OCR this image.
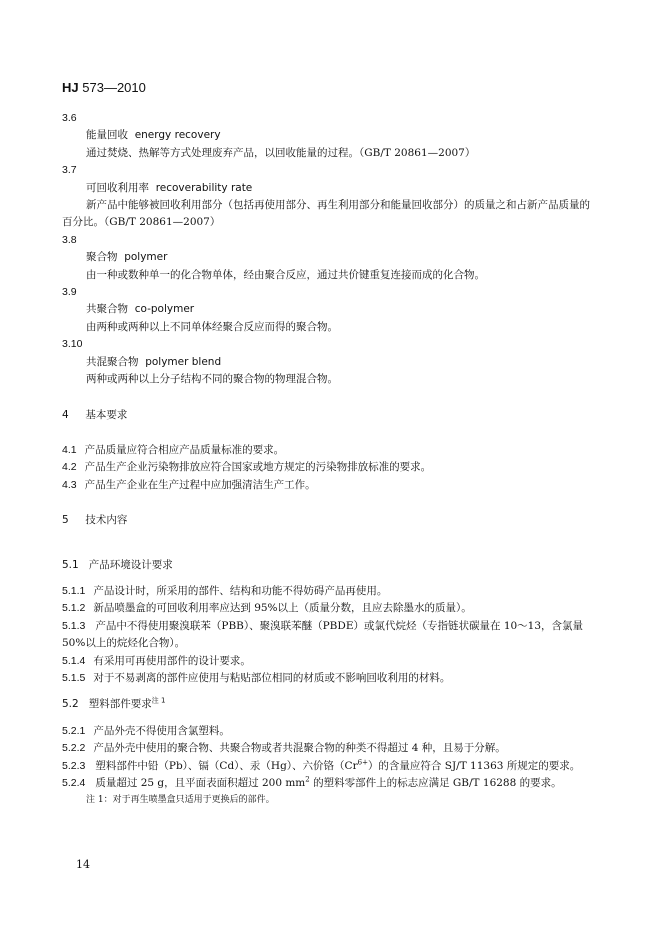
HJ 573—2010
3.6
能量回收 energy recovery
通过焚烧、热解等方式处理废弃产品，以回收能量的过程。（GB/T 20861—2007）
3.7
可回收利用率 recoverability rate
新产品中能够被回收利用部分（包括再使用部分、再生利用部分和能量回收部分）的质量之和占新产品质量的百分比。（GB/T 20861—2007）
3.8
聚合物 polymer
由一种或数种单一的化合物单体，经由聚合反应，通过共价键重复连接而成的化合物。
3.9
共聚合物 co-polymer
由两种或两种以上不同单体经聚合反应而得的聚合物。
3.10
共混聚合物 polymer blend
两种或两种以上分子结构不同的聚合物的物理混合物。
4 基本要求
4.1 产品质量应符合相应产品质量标准的要求。
4.2 产品生产企业污染物排放应符合国家或地方规定的污染物排放标准的要求。
4.3 产品生产企业在生产过程中应加强清洁生产工作。
5 技术内容
5.1 产品环境设计要求
5.1.1 产品设计时，所采用的部件、结构和功能不得妨碍产品再使用。
5.1.2 新品喷墨盒的可回收利用率应达到 95%以上（质量分数，且应去除墨水的质量）。
5.1.3 产品中不得使用聚溴联苯（PBB）、聚溴联苯醚（PBDE）或氯代烷烃（专指链状碳量在 10～13，含氯量 50%以上的烷烃化合物）。
5.1.4 有采用可再使用部件的设计要求。
5.1.5 对于不易剥离的部件应使用与粘贴部位相同的材质或不影响回收利用的材料。
5.2 塑料部件要求$^{注 1}$
5.2.1 产品外壳不得使用含氯塑料。
5.2.2 产品外壳中使用的聚合物、共聚合物或者共混聚合物的种类不得超过 4 种，且易于分解。
5.2.3 塑料部件中铅（Pb）、镉（Cd）、汞（Hg）、六价铬$(Cr^{6+})$的含量应符合 SJ/T 11363 所规定的要求。
5.2.4 质量超过 25 g，且平面表面积超过 200 $mm^2$ 的塑料零部件上的标志应满足 GB/T 16288 的要求。
注 1：对于再生喷墨盒只适用于更换后的部件。
14
